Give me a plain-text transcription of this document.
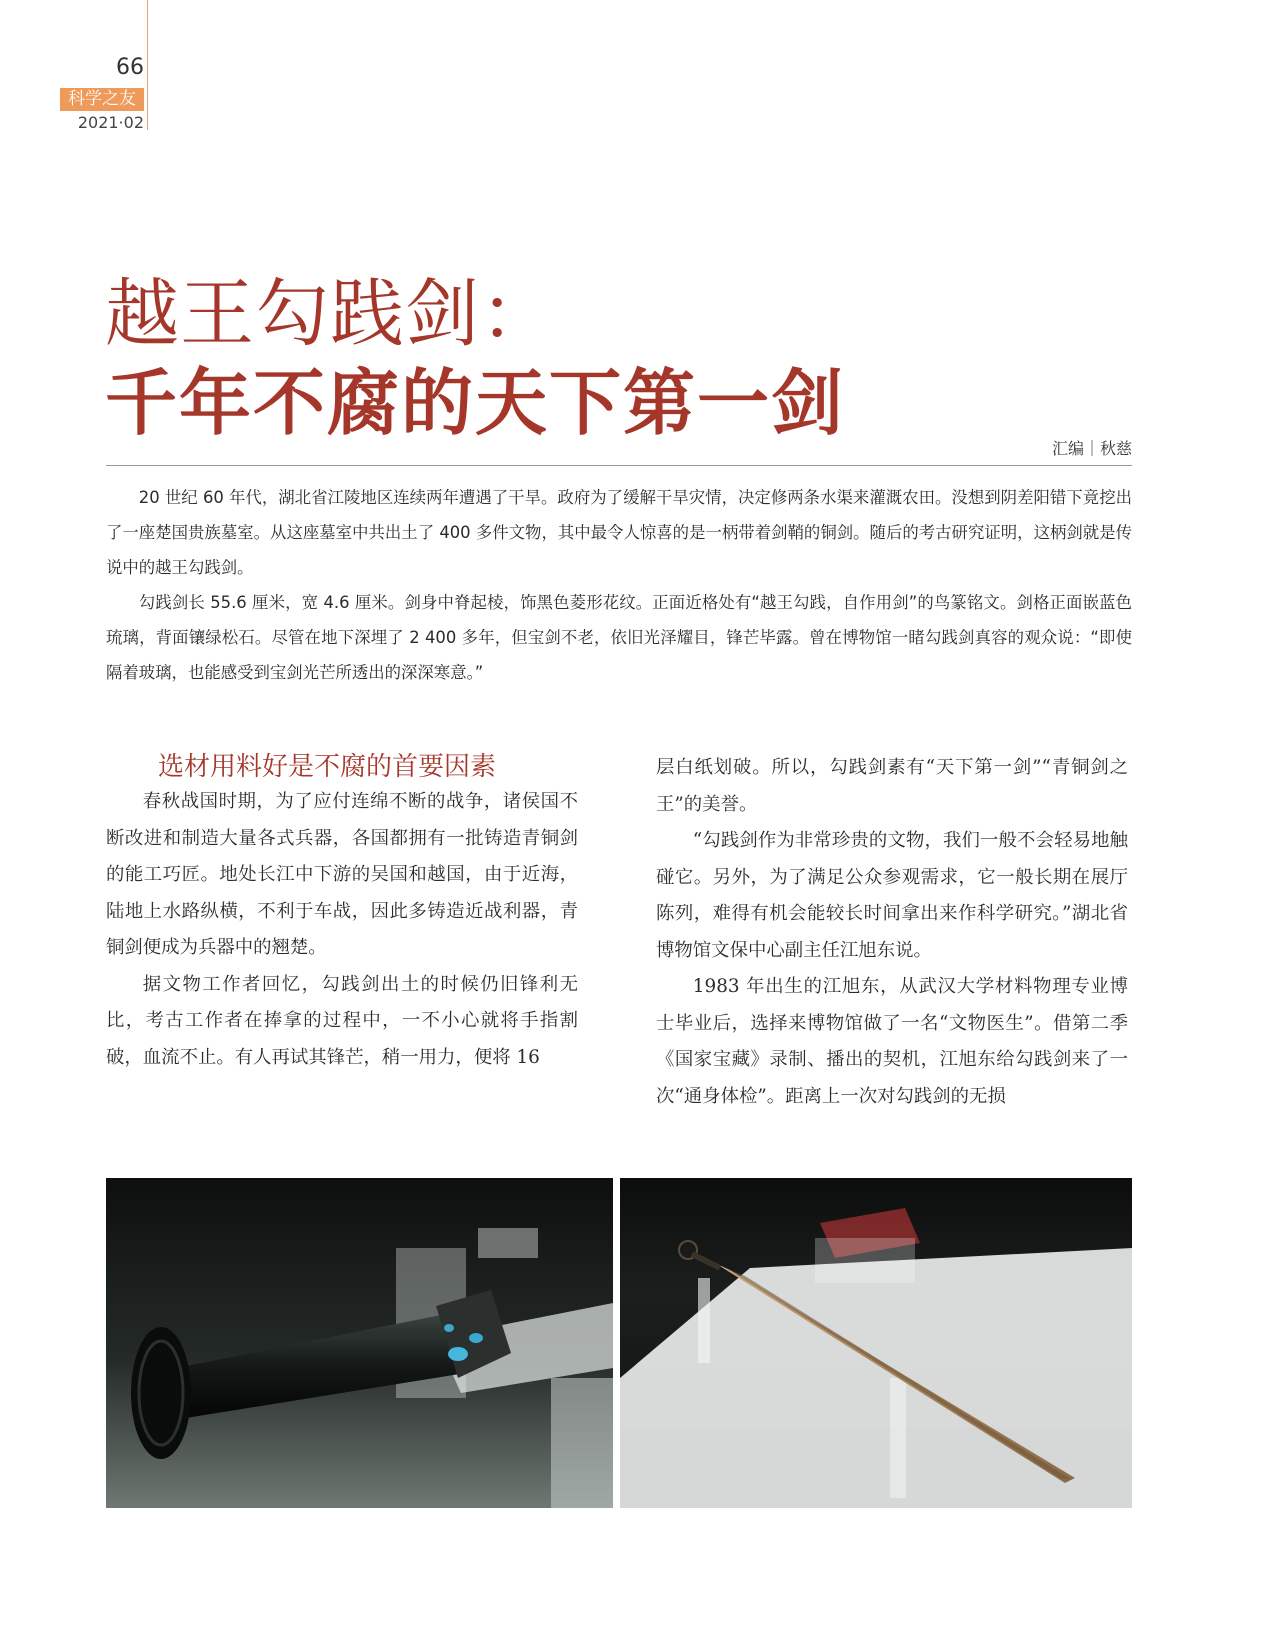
66
科学之友
2021·02
越王勾践剑：
千年不腐的天下第一剑
汇编｜秋慈

20 世纪 60 年代，湖北省江陵地区连续两年遭遇了干旱。政府为了缓解干旱灾情，决定修两条水渠来灌溉农田。没想到阴差阳错下竟挖出了一座楚国贵族墓室。从这座墓室中共出土了 400 多件文物，其中最令人惊喜的是一柄带着剑鞘的铜剑。随后的考古研究证明，这柄剑就是传说中的越王勾践剑。

勾践剑长 55.6 厘米，宽 4.6 厘米。剑身中脊起棱，饰黑色菱形花纹。正面近格处有“越王勾践，自作用剑”的鸟篆铭文。剑格正面嵌蓝色琉璃，背面镶绿松石。尽管在地下深埋了 2 400 多年，但宝剑不老，依旧光泽耀目，锋芒毕露。曾在博物馆一睹勾践剑真容的观众说：“即使隔着玻璃，也能感受到宝剑光芒所透出的深深寒意。”

选材用料好是不腐的首要因素

春秋战国时期，为了应付连绵不断的战争，诸侯国不断改进和制造大量各式兵器，各国都拥有一批铸造青铜剑的能工巧匠。地处长江中下游的吴国和越国，由于近海，陆地上水路纵横，不利于车战，因此多铸造近战利器，青铜剑便成为兵器中的翘楚。

据文物工作者回忆，勾践剑出土的时候仍旧锋利无比，考古工作者在捧拿的过程中，一不小心就将手指割破，血流不止。有人再试其锋芒，稍一用力，便将 16

层白纸划破。所以，勾践剑素有“天下第一剑”“青铜剑之王”的美誉。

“勾践剑作为非常珍贵的文物，我们一般不会轻易地触碰它。另外，为了满足公众参观需求，它一般长期在展厅陈列，难得有机会能较长时间拿出来作科学研究。”湖北省博物馆文保中心副主任江旭东说。

1983 年出生的江旭东，从武汉大学材料物理专业博士毕业后，选择来博物馆做了一名“文物医生”。借第二季《国家宝藏》录制、播出的契机，江旭东给勾践剑来了一次“通身体检”。距离上一次对勾践剑的无损
